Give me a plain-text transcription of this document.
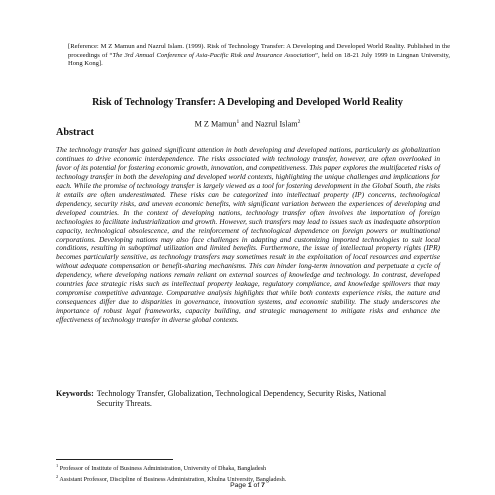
[Reference: M Z Mamun and Nazrul Islam. (1999). Risk of Technology Transfer: A Developing and Developed World Reality. Published in the proceedings of “The 3rd Annual Conference of Asia-Pacific Risk and Insurance Association”, held on 18-21 July 1999 in Lingnan University, Hong Kong].
Risk of Technology Transfer: A Developing and Developed World Reality
M Z Mamun$^1$ and Nazrul Islam$^2$
Abstract

The technology transfer has gained significant attention in both developing and developed nations, particularly as globalization continues to drive economic interdependence. The risks associated with technology transfer, however, are often overlooked in favor of its potential for fostering economic growth, innovation, and competitiveness. This paper explores the multifaceted risks of technology transfer in both the developing and developed world contexts, highlighting the unique challenges and implications for each. While the promise of technology transfer is largely viewed as a tool for fostering development in the Global South, the risks it entails are often underestimated. These risks can be categorized into intellectual property (IP) concerns, technological dependency, security risks, and uneven economic benefits, with significant variation between the experiences of developing and developed countries. In the context of developing nations, technology transfer often involves the importation of foreign technologies to facilitate industrialization and growth. However, such transfers may lead to issues such as inadequate absorption capacity, technological obsolescence, and the reinforcement of technological dependence on foreign powers or multinational corporations. Developing nations may also face challenges in adapting and customizing imported technologies to suit local conditions, resulting in suboptimal utilization and limited benefits. Furthermore, the issue of intellectual property rights (IPR) becomes particularly sensitive, as technology transfers may sometimes result in the exploitation of local resources and expertise without adequate compensation or benefit-sharing mechanisms. This can hinder long-term innovation and perpetuate a cycle of dependency, where developing nations remain reliant on external sources of knowledge and technology. In contrast, developed countries face strategic risks such as intellectual property leakage, regulatory compliance, and knowledge spillovers that may compromise competitive advantage. Comparative analysis highlights that while both contexts experience risks, the nature and consequences differ due to disparities in governance, innovation systems, and economic stability. The study underscores the importance of robust legal frameworks, capacity building, and strategic management to mitigate risks and enhance the effectiveness of technology transfer in diverse global contexts.

Keywords: Technology Transfer, Globalization, Technological Dependency, Security Risks, National Security Threats.
$^1$ Professor of Institute of Business Administration, University of Dhaka, Bangladesh
$^2$ Assistant Professor, Discipline of Business Administration, Khulna University, Bangladesh.
Page 1 of 7
